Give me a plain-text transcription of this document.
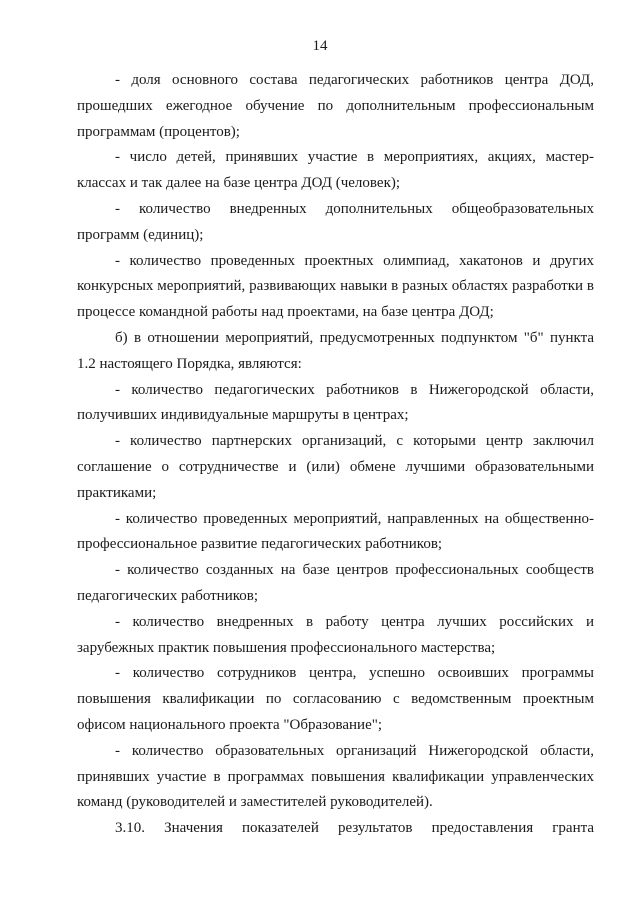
14

- доля основного состава педагогических работников центра ДОД, прошедших ежегодное обучение по дополнительным профессиональным программам (процентов);

- число детей, принявших участие в мероприятиях, акциях, мастер-классах и так далее на базе центра ДОД (человек);

- количество внедренных дополнительных общеобразовательных программ (единиц);

- количество проведенных проектных олимпиад, хакатонов и других конкурсных мероприятий, развивающих навыки в разных областях разработки в процессе командной работы над проектами, на базе центра ДОД;

б) в отношении мероприятий, предусмотренных подпунктом "б" пункта 1.2 настоящего Порядка, являются:

- количество педагогических работников в Нижегородской области, получивших индивидуальные маршруты в центрах;

- количество партнерских организаций, с которыми центр заключил соглашение о сотрудничестве и (или) обмене лучшими образовательными практиками;

- количество проведенных мероприятий, направленных на общественно-профессиональное развитие педагогических работников;

- количество созданных на базе центров профессиональных сообществ педагогических работников;

- количество внедренных в работу центра лучших российских и зарубежных практик повышения профессионального мастерства;

- количество сотрудников центра, успешно освоивших программы повышения квалификации по согласованию с ведомственным проектным офисом национального проекта "Образование";

- количество образовательных организаций Нижегородской области, принявших участие в программах повышения квалификации управленческих команд (руководителей и заместителей руководителей).

3.10. Значения показателей результатов предоставления гранта
